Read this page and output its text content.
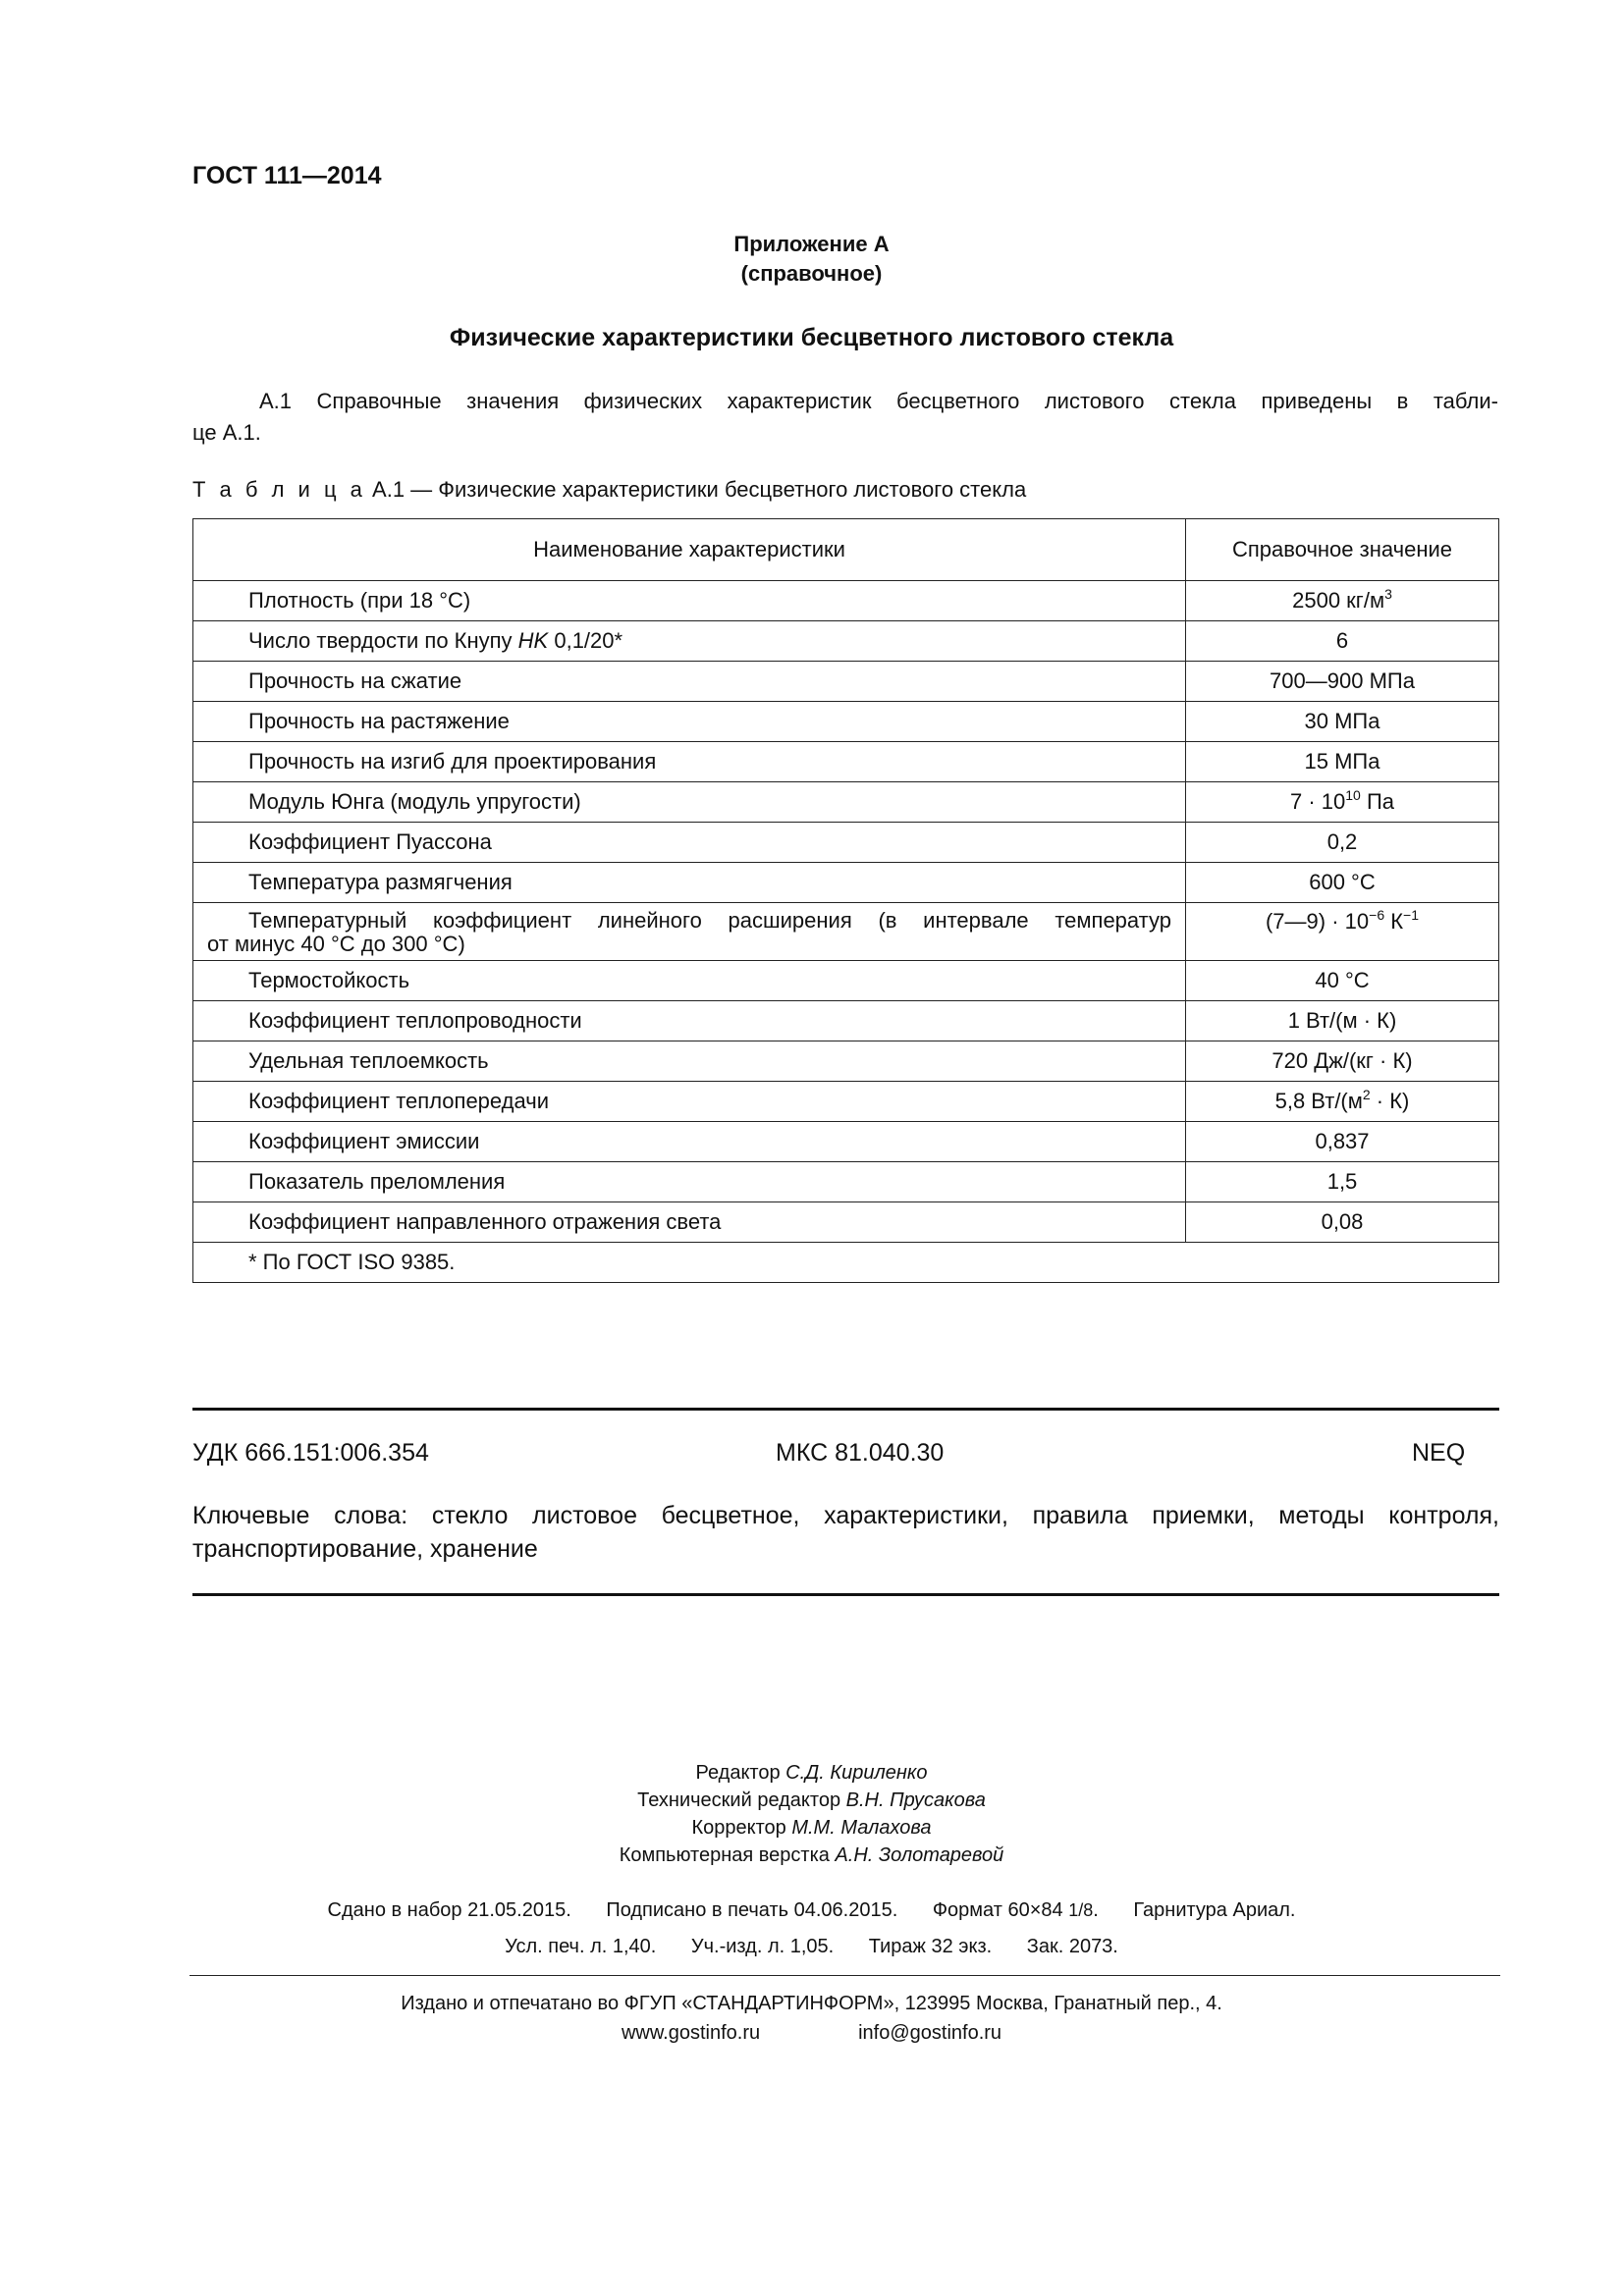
ГОСТ 111—2014
Приложение А
(справочное)
Физические характеристики бесцветного листового стекла
А.1 Справочные значения физических характеристик бесцветного листового стекла приведены в табли-
це А.1.
Т а б л и ц а А.1 — Физические характеристики бесцветного листового стекла
Наименование характеристики	Справочное значение
Плотность (при 18 °С)	2500 $кг/м^3$
Число твердости по Кнупу HK 0,1/20*	6
Прочность на сжатие	700—900 МПа
Прочность на растяжение	30 МПа
Прочность на изгиб для проектирования	15 МПа
Модуль Юнга (модуль упругости)	$7 \cdot 10^{10}$ Па
Коэффициент Пуассона	0,2
Температура размягчения	600 °С

Температурный коэффициент линейного расширения (в интервале температур
от минус 40 °С до 300 °С)	(7—9) · $10^{-6}$ $К^{-1}$
Термостойкость	40 °С
Коэффициент теплопроводности	1 Вт/(м · К)
Удельная теплоемкость	720 Дж/(кг · К)
Коэффициент теплопередачи	5,8 $Вт/(м^2 \cdot К)$
Коэффициент эмиссии	0,837
Показатель преломления	1,5
Коэффициент направленного отражения света	0,08
* По ГОСТ ISO 9385.	
УДК 666.151:006.354	МКС 81.040.30	NEQ
Ключевые слова: стекло листовое бесцветное, характеристики, правила приемки, методы контроля,
транспортирование, хранение
Редактор С.Д. Кириленко
Технический редактор В.Н. Прусакова
Корректор М.М. Малахова
Компьютерная верстка А.Н. Золотаревой
Сдано в набор 21.05.2015. Подписано в печать 04.06.2015. Формат 60×84 1/8. Гарнитура Ариал.
Усл. печ. л. 1,40. Уч.-изд. л. 1,05. Тираж 32 экз. Зак. 2073.
Издано и отпечатано во ФГУП «СТАНДАРТИНФОРМ», 123995 Москва, Гранатный пер., 4.
www.gostinfo.ru	info@gostinfo.ru
